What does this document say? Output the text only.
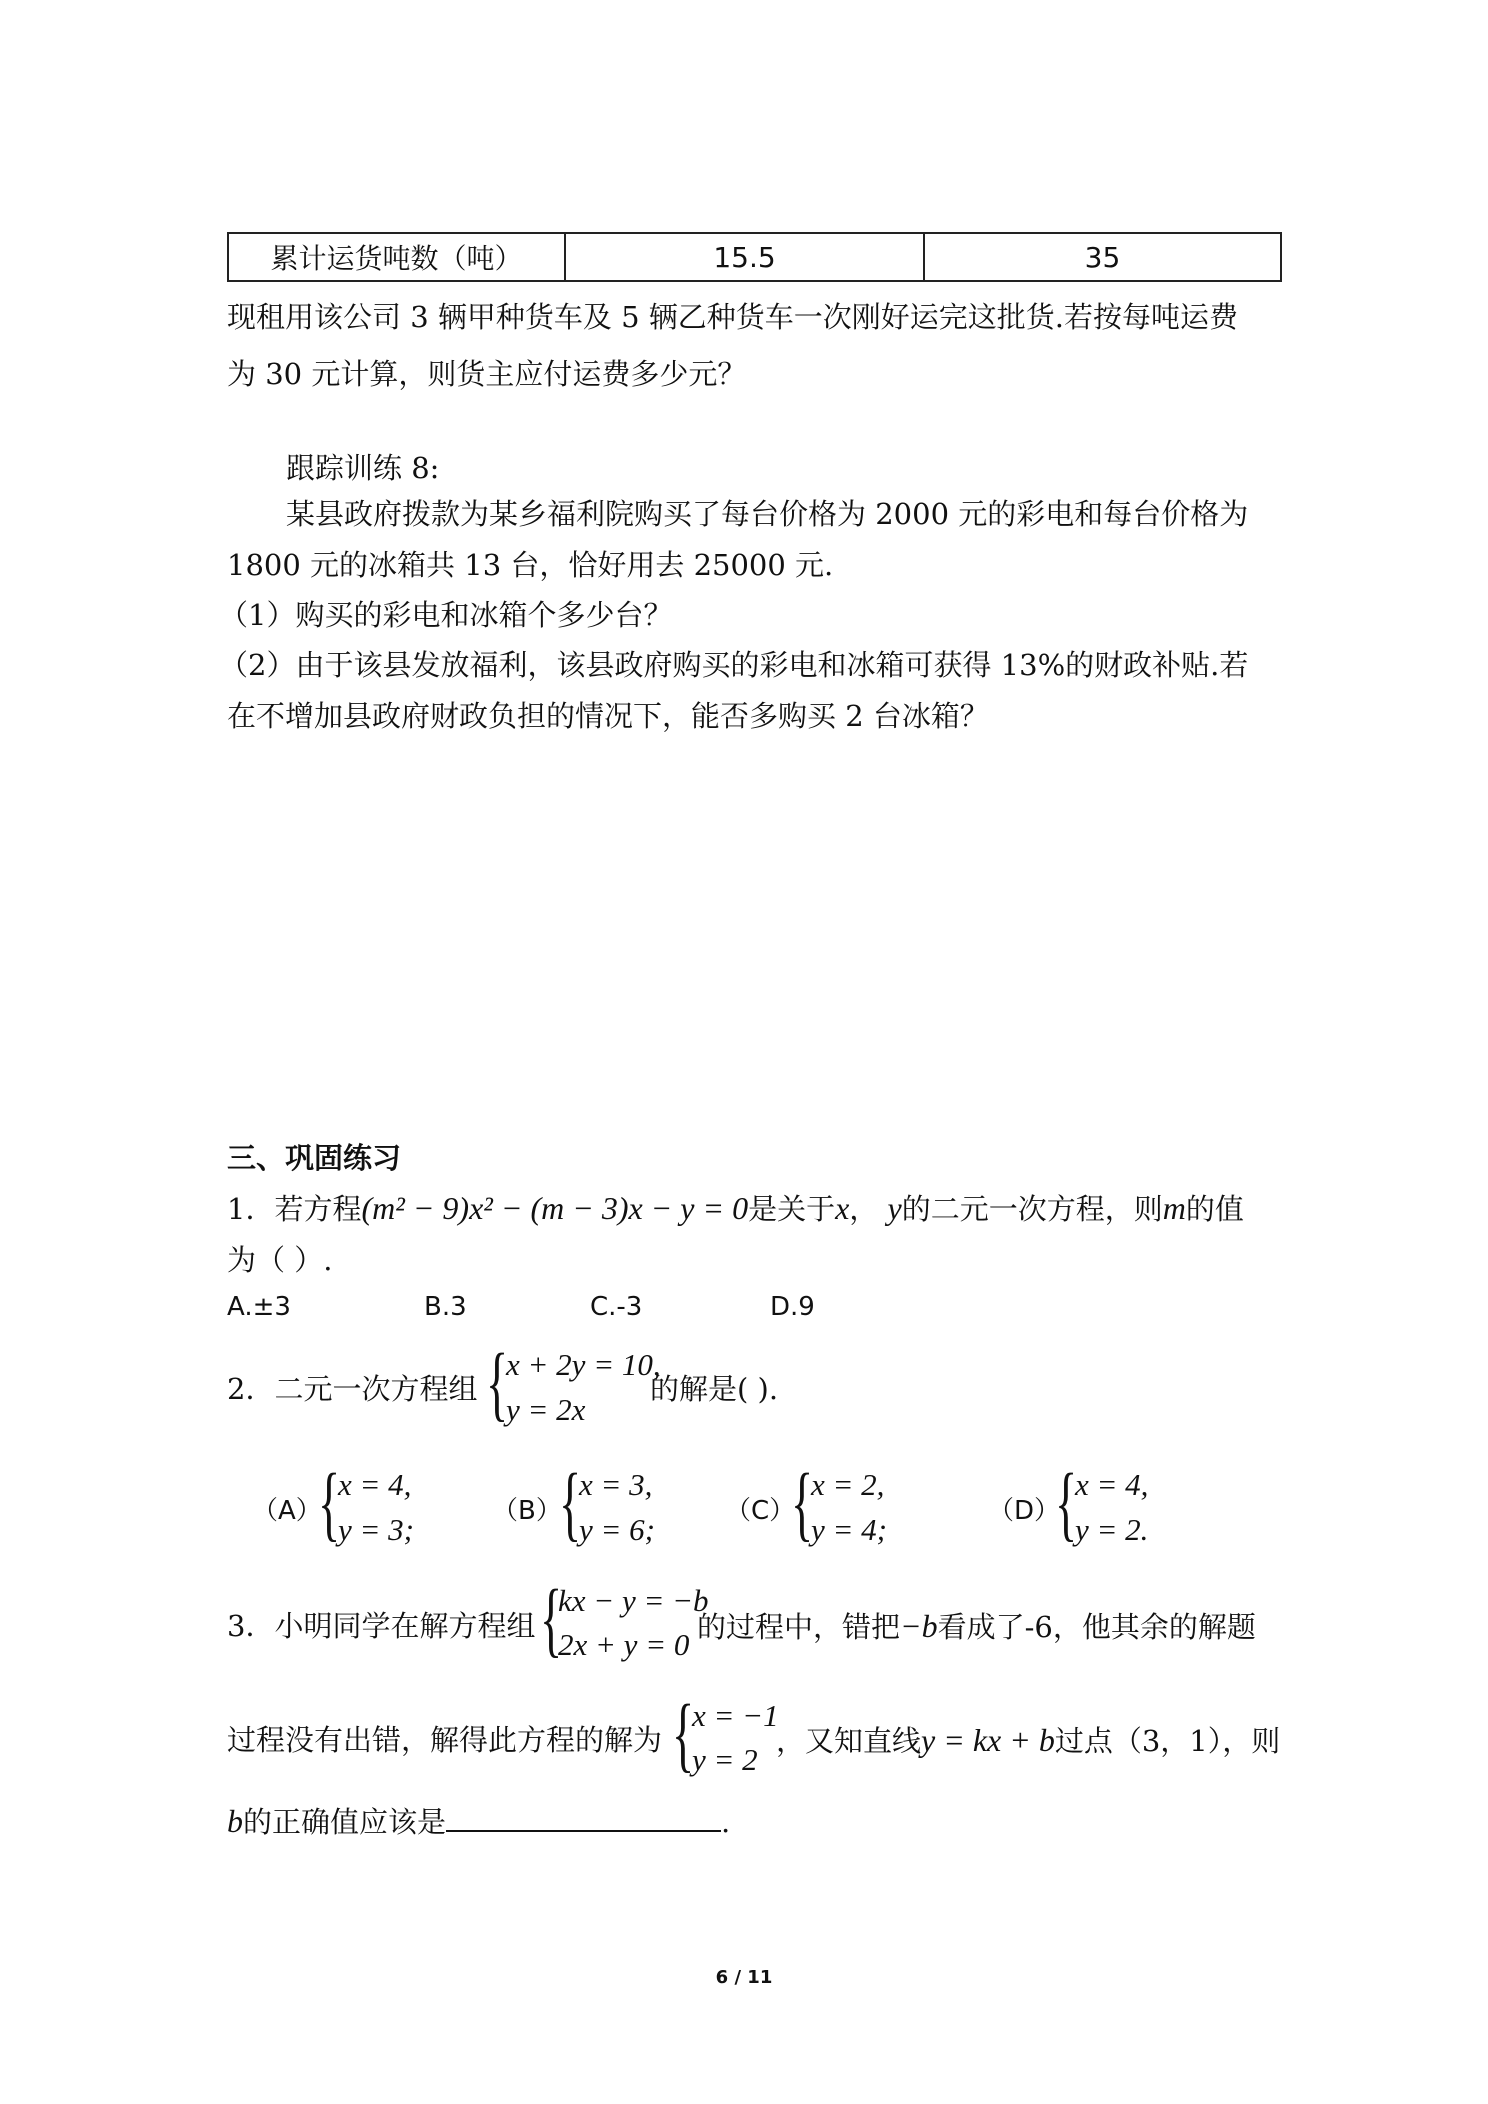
累计运货吨数（吨）	15.5	35
现租用该公司 3 辆甲种货车及 5 辆乙种货车一次刚好运完这批货.若按每吨运费
为 30 元计算，则货主应付运费多少元？
跟踪训练 8:
某县政府拨款为某乡福利院购买了每台价格为 2000 元的彩电和每台价格为
1800 元的冰箱共 13 台，恰好用去 25000 元.
（1）购买的彩电和冰箱个多少台？
（2）由于该县发放福利，该县政府购买的彩电和冰箱可获得 13%的财政补贴.若
在不增加县政府财政负担的情况下，能否多购买 2 台冰箱？
三、巩固练习
1．若方程(m² − 9)x² − (m − 3)x − y = 0是关于x， y的二元一次方程，则m的值
为（ ）.
A.±3	B.3	C.-3	D.9
2．二元一次方程组 {
x + 2y = 10,
y = 2x
的解是( ).
（A）
{
x = 4,
y = 3;
（B）
{
x = 3,
y = 6;
（C）
{
x = 2,
y = 4;
（D）
{
x = 4,
y = 2.
3．小明同学在解方程组 {
kx − y = −b
2x + y = 0 的过程中，错把−b看成了-6，他其余的解题
过程没有出错，解得此方程的解为 {
x = −1
y = 2
，又知直线y = kx + b过点（3，1），则
b的正确值应该是	.
6 / 11
